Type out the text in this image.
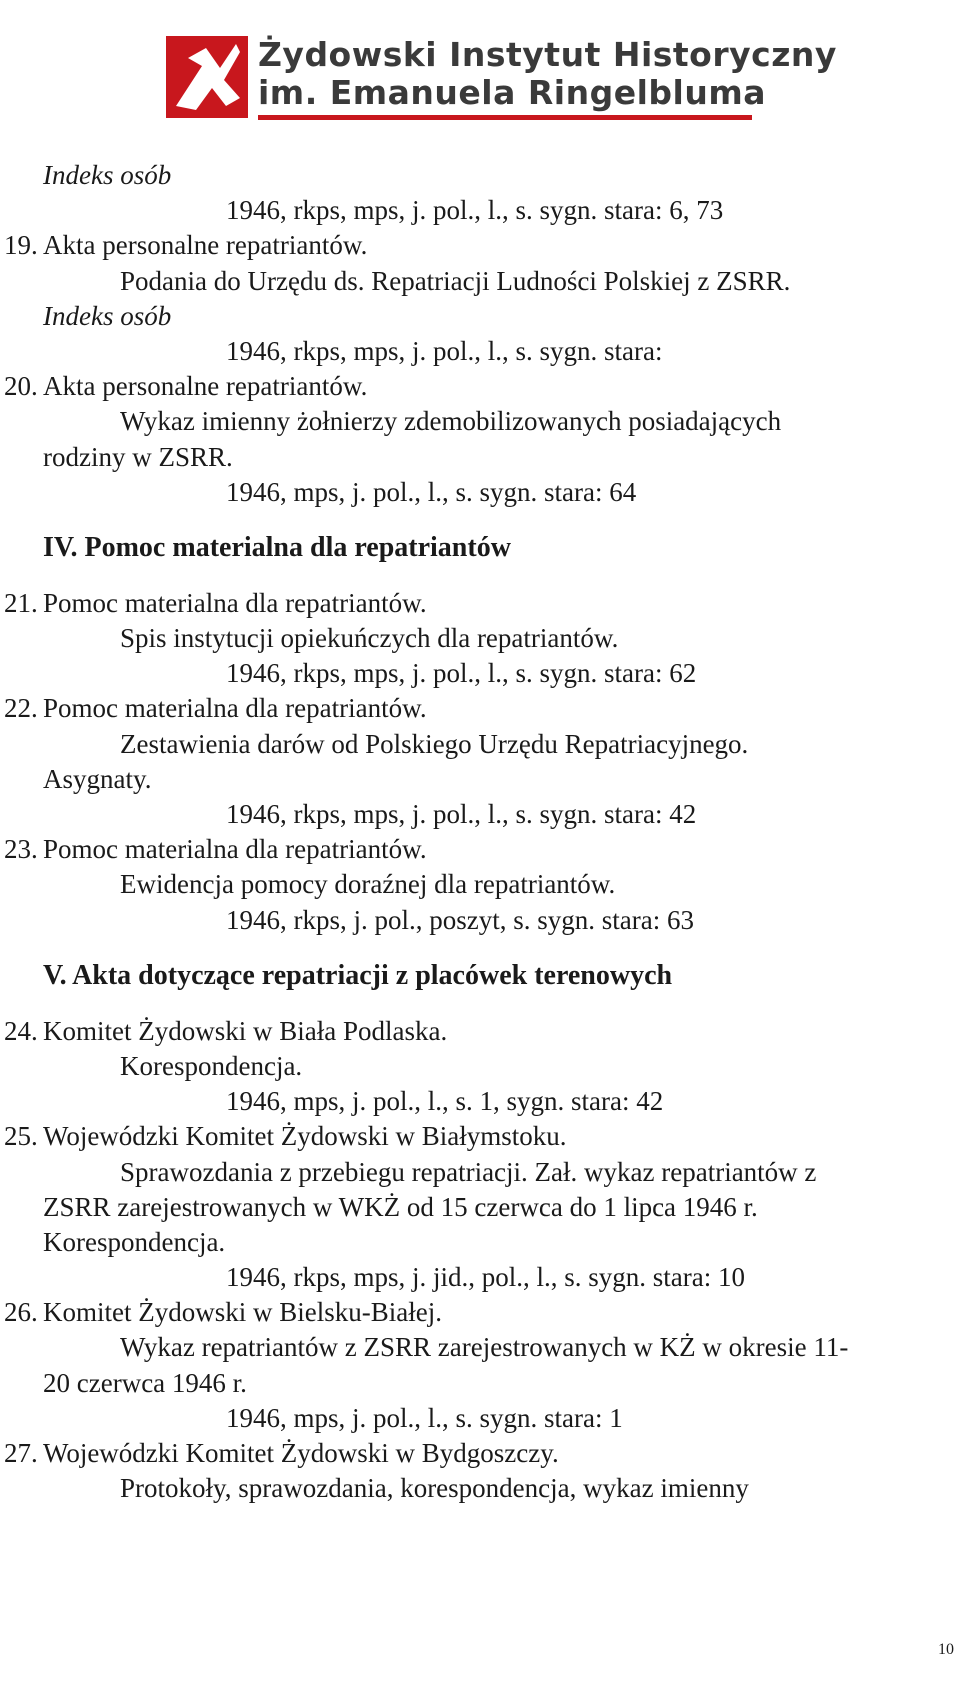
Żydowski Instytut Historyczny
im. Emanuela Ringelbluma
Indeks osób
1946, rkps, mps, j. pol., l., s. sygn. stara: 6, 73
19. Akta personalne repatriantów.
Podania do Urzędu ds. Repatriacji Ludności Polskiej z ZSRR.
Indeks osób
1946, rkps, mps, j. pol., l., s. sygn. stara:
20. Akta personalne repatriantów.
Wykaz imienny żołnierzy zdemobilizowanych posiadających
rodziny w ZSRR.
1946, mps, j. pol., l., s. sygn. stara: 64
IV. Pomoc materialna dla repatriantów
21. Pomoc materialna dla repatriantów.
Spis instytucji opiekuńczych dla repatriantów.
1946, rkps, mps, j. pol., l., s. sygn. stara: 62
22. Pomoc materialna dla repatriantów.
Zestawienia darów od Polskiego Urzędu Repatriacyjnego.
Asygnaty.
1946, rkps, mps, j. pol., l., s. sygn. stara: 42
23. Pomoc materialna dla repatriantów.
Ewidencja pomocy doraźnej dla repatriantów.
1946, rkps, j. pol., poszyt, s. sygn. stara: 63
V. Akta dotyczące repatriacji z placówek terenowych
24. Komitet Żydowski w Biała Podlaska.
Korespondencja.
1946, mps, j. pol., l., s. 1, sygn. stara: 42
25. Wojewódzki Komitet Żydowski w Białymstoku.
Sprawozdania z przebiegu repatriacji. Zał. wykaz repatriantów z
ZSRR zarejestrowanych w WKŻ od 15 czerwca do 1 lipca 1946 r.
Korespondencja.
1946, rkps, mps, j. jid., pol., l., s. sygn. stara: 10
26. Komitet Żydowski w Bielsku-Białej.
Wykaz repatriantów z ZSRR zarejestrowanych w KŻ w okresie 11-
20 czerwca 1946 r.
1946, mps, j. pol., l., s. sygn. stara: 1
27. Wojewódzki Komitet Żydowski w Bydgoszczy.
Protokoły, sprawozdania, korespondencja, wykaz imienny
10
